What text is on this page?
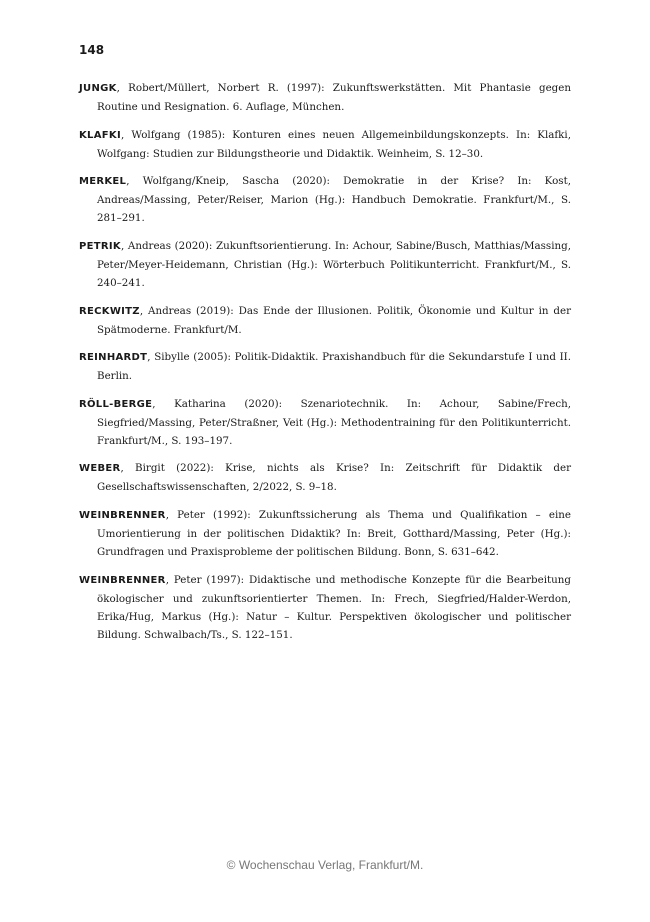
148

JUNGK, Robert/Müllert, Norbert R. (1997): Zukunftswerkstätten. Mit Phantasie gegen Routine und Resignation. 6. Auflage, München.

KLAFKI, Wolfgang (1985): Konturen eines neuen Allgemeinbildungskonzepts. In: Klafki, Wolfgang: Studien zur Bildungstheorie und Didaktik. Weinheim, S. 12–30.

MERKEL, Wolfgang/Kneip, Sascha (2020): Demokratie in der Krise? In: Kost, Andreas/Massing, Peter/Reiser, Marion (Hg.): Handbuch Demokratie. Frankfurt/M., S. 281–291.

PETRIK, Andreas (2020): Zukunftsorientierung. In: Achour, Sabine/Busch, Matthias/Massing, Peter/Meyer-Heidemann, Christian (Hg.): Wörterbuch Politikunterricht. Frankfurt/M., S. 240–241.

RECKWITZ, Andreas (2019): Das Ende der Illusionen. Politik, Ökonomie und Kultur in der Spätmoderne. Frankfurt/M.

REINHARDT, Sibylle (2005): Politik-Didaktik. Praxishandbuch für die Sekundarstufe I und II. Berlin.

RÖLL-BERGE, Katharina (2020): Szenariotechnik. In: Achour, Sabine/Frech, Siegfried/Massing, Peter/Straßner, Veit (Hg.): Methodentraining für den Politikunterricht. Frankfurt/M., S. 193–197.

WEBER, Birgit (2022): Krise, nichts als Krise? In: Zeitschrift für Didaktik der Gesellschaftswissenschaften, 2/2022, S. 9–18.

WEINBRENNER, Peter (1992): Zukunftssicherung als Thema und Qualifikation – eine Umorientierung in der politischen Didaktik? In: Breit, Gotthard/Massing, Peter (Hg.): Grundfragen und Praxisprobleme der politischen Bildung. Bonn, S. 631–642.

WEINBRENNER, Peter (1997): Didaktische und methodische Konzepte für die Bearbeitung ökologischer und zukunftsorientierter Themen. In: Frech, Siegfried/Halder-Werdon, Erika/Hug, Markus (Hg.): Natur – Kultur. Perspektiven ökologischer und politischer Bildung. Schwalbach/Ts., S. 122–151.

© Wochenschau Verlag, Frankfurt/M.
